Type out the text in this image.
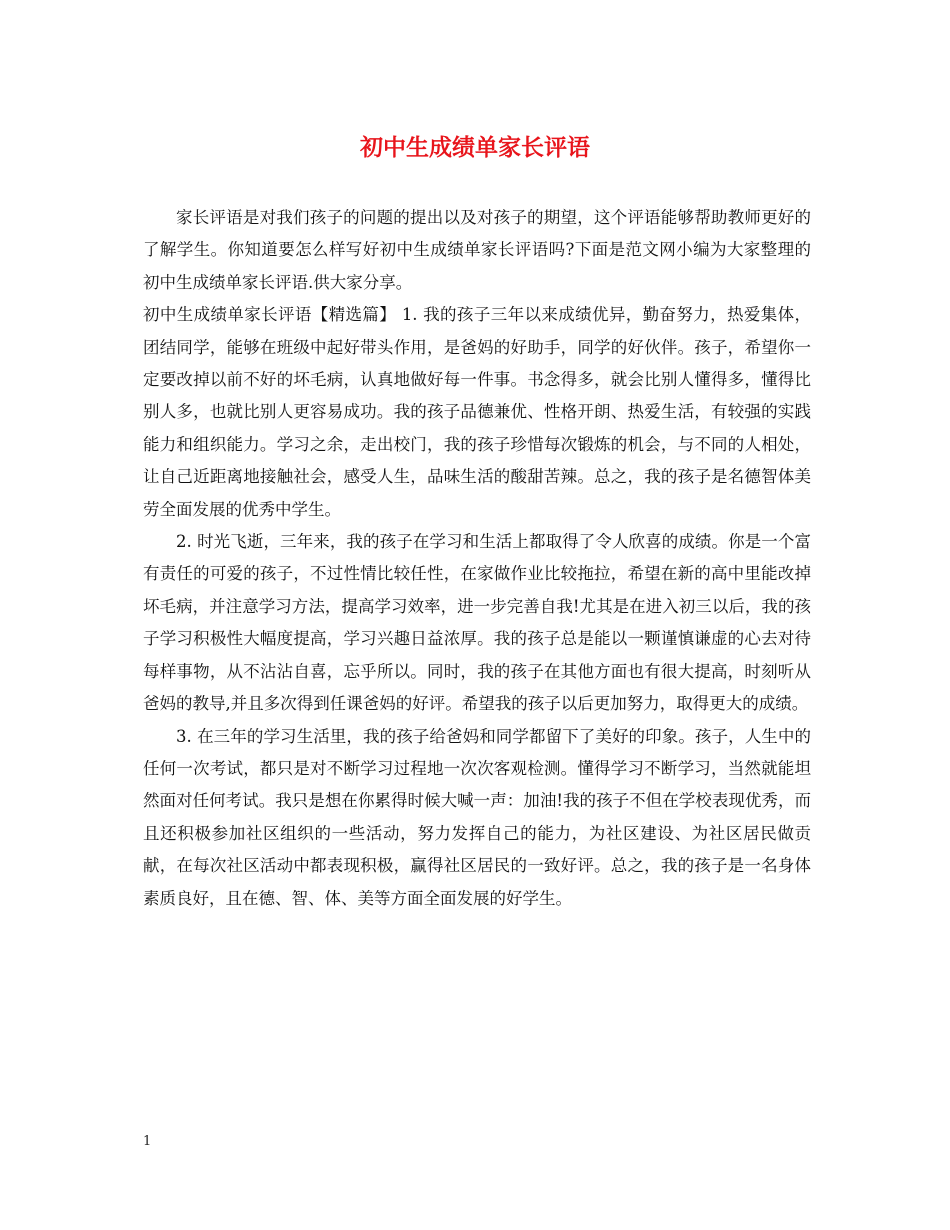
初中生成绩单家长评语

家长评语是对我们孩子的问题的提出以及对孩子的期望，这个评语能够帮助教师更好的了解学生。你知道要怎么样写好初中生成绩单家长评语吗?下面是范文网小编为大家整理的初中生成绩单家长评语.供大家分享。

初中生成绩单家长评语【精选篇】 1. 我的孩子三年以来成绩优异，勤奋努力，热爱集体，团结同学，能够在班级中起好带头作用，是爸妈的好助手，同学的好伙伴。孩子，希望你一定要改掉以前不好的坏毛病，认真地做好每一件事。书念得多，就会比别人懂得多，懂得比别人多，也就比别人更容易成功。我的孩子品德兼优、性格开朗、热爱生活，有较强的实践能力和组织能力。学习之余，走出校门，我的孩子珍惜每次锻炼的机会，与不同的人相处，让自己近距离地接触社会，感受人生，品味生活的酸甜苦辣。总之，我的孩子是名德智体美劳全面发展的优秀中学生。

2. 时光飞逝，三年来，我的孩子在学习和生活上都取得了令人欣喜的成绩。你是一个富有责任的可爱的孩子，不过性情比较任性，在家做作业比较拖拉，希望在新的高中里能改掉坏毛病，并注意学习方法，提高学习效率，进一步完善自我!尤其是在进入初三以后，我的孩子学习积极性大幅度提高，学习兴趣日益浓厚。我的孩子总是能以一颗谨慎谦虚的心去对待每样事物，从不沾沾自喜，忘乎所以。同时，我的孩子在其他方面也有很大提高，时刻听从爸妈的教导,并且多次得到任课爸妈的好评。希望我的孩子以后更加努力，取得更大的成绩。

3. 在三年的学习生活里，我的孩子给爸妈和同学都留下了美好的印象。孩子，人生中的任何一次考试，都只是对不断学习过程地一次次客观检测。懂得学习不断学习，当然就能坦然面对任何考试。我只是想在你累得时候大喊一声：加油!我的孩子不但在学校表现优秀，而且还积极参加社区组织的一些活动，努力发挥自己的能力，为社区建设、为社区居民做贡献，在每次社区活动中都表现积极，赢得社区居民的一致好评。总之，我的孩子是一名身体素质良好，且在德、智、体、美等方面全面发展的好学生。

1
